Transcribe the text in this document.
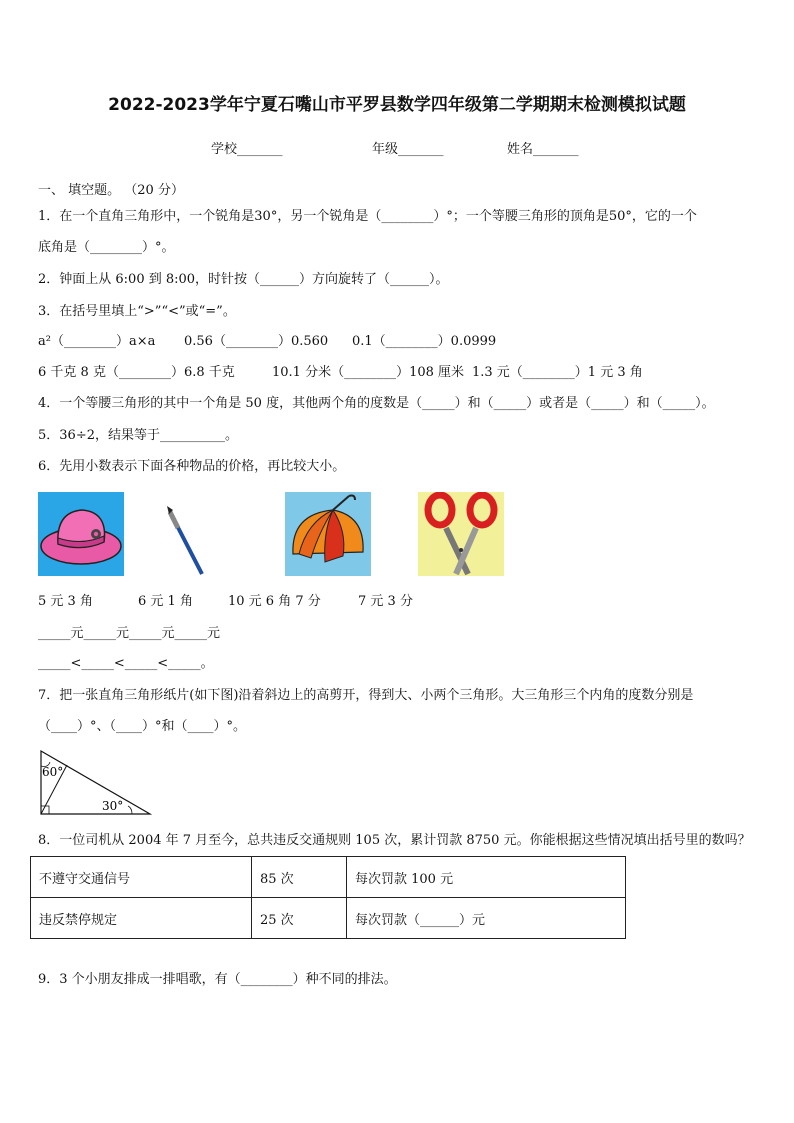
2022-2023学年宁夏石嘴山市平罗县数学四年级第二学期期末检测模拟试题
学校_______	年级_______	姓名_______
一、 填空题。 （20 分）
1．在一个直角三角形中，一个锐角是30°，另一个锐角是（________）°；一个等腰三角形的顶角是50°，它的一个
底角是（________）°。
2．钟面上从 6:00 到 8:00，时针按（______）方向旋转了（______）。
3．在括号里填上“>”“<”或“=”。
a²（________）a×a 0.56（________）0.560 0.1（________）0.0999
6 千克 8 克（________）6.8 千克	10.1 分米（________）108 厘米 1.3 元（________）1 元 3 角
4．一个等腰三角形的其中一个角是 50 度，其他两个角的度数是（_____）和（_____）或者是（_____）和（_____）。
5．36÷2，结果等于__________。
6．先用小数表示下面各种物品的价格，再比较大小。
5 元 3 角	6 元 1 角	10 元 6 角 7 分	7 元 3 分
_____元_____元_____元_____元
_____<_____<_____<_____。
7．把一张直角三角形纸片(如下图)沿着斜边上的高剪开，得到大、小两个三角形。大三角形三个内角的度数分别是
（____）°、（____）°和（____）°。
60°
30°
8．一位司机从 2004 年 7 月至今，总共违反交通规则 105 次，累计罚款 8750 元。你能根据这些情况填出括号里的数吗？
不遵守交通信号	85 次	每次罚款 100 元
违反禁停规定	25 次	每次罚款（______）元
9．3 个小朋友排成一排唱歌，有（________）种不同的排法。
